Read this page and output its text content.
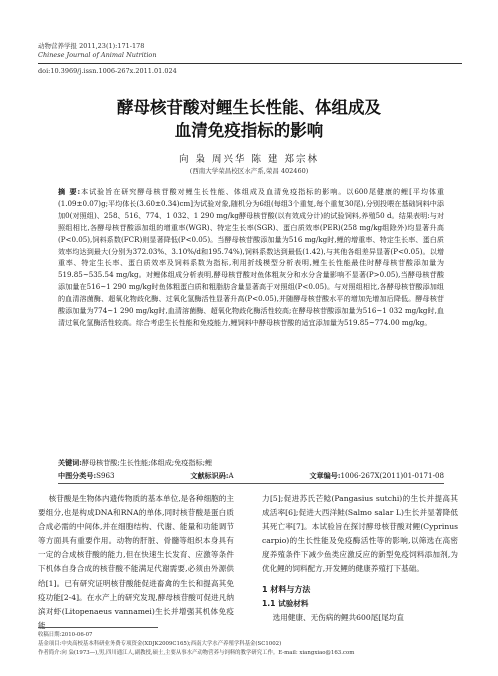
动物营养学报 2011,23(1):171-178
Chinese Journal of Animal Nutrition
doi:10.3969/j.issn.1006-267x.2011.01.024
酵母核苷酸对鲤生长性能、体组成及
血清免疫指标的影响
向 枭 周兴华 陈 建 郑宗林
(西南大学荣昌校区水产系,荣昌 402460)
摘 要:本试验旨在研究酵母核苷酸对鲤生长性能、体组成及血清免疫指标的影响。以600尾健康的鲤[平均体重(1.09±0.07)g;平均体长(3.60±0.34)cm]为试验对象,随机分为6组(每组3个重复,每个重复30尾),分别投喂在基础饲料中添加0(对照组)、258、516、774、1 032、1 290 mg/kg酵母核苷酸(以有效成分计)的试验饲料,养殖50 d。结果表明:与对照组相比,各酵母核苷酸添加组的增重率(WGR)、特定生长率(SGR)、蛋白质效率(PER)(258 mg/kg组除外)均显著升高(P<0.05),饲料系数(FCR)则显著降低(P<0.05)。当酵母核苷酸添加量为516 mg/kg时,鲤的增重率、特定生长率、蛋白质效率均达到最大(分别为372.03%、3.10%/d和195.74%),饲料系数达到最低(1.42),与其他各组差异显著(P<0.05)。以增重率、特定生长率、蛋白质效率及饲料系数为指标,利用折线模型分析表明,鲤生长性能最佳时酵母核苷酸添加量为519.85~535.54 mg/kg。对鲤体组成分析表明,酵母核苷酸对鱼体粗灰分和水分含量影响不显著(P>0.05),当酵母核苷酸添加量在516~1 290 mg/kg时鱼体粗蛋白质和粗脂肪含量显著高于对照组(P<0.05)。与对照组相比,各酵母核苷酸添加组的血清溶菌酶、超氧化物歧化酶、过氧化氢酶活性显著升高(P<0.05),并随酵母核苷酸水平的增加先增加后降低。酵母核苷酸添加量为774~1 290 mg/kg时,血清溶菌酶、超氧化物歧化酶活性较高;在酵母核苷酸添加量为516~1 032 mg/kg时,血清过氧化氢酶活性较高。综合考虑生长性能和免疫能力,鲤饲料中酵母核苷酸的适宜添加量为519.85~774.00 mg/kg。
关键词:酵母核苷酸;生长性能;体组成;免疫指标;鲤
中图分类号:S963	文献标识码:A	文章编号:1006-267X(2011)01-0171-08
核苷酸是生物体内遗传物质的基本单位,是各种细胞的主要组分,也是构成DNA和RNA的单体,同时核苷酸是蛋白质合成必需的中间体,并在细胞结构、代谢、能量和功能调节等方面具有重要作用。动物的肝脏、骨髓等组织本身具有一定的合成核苷酸的能力,但在快速生长发育、应激等条件下机体自身合成的核苷酸不能满足代谢需要,必须由外源供给[1]。已有研究证明核苷酸能促进畜禽的生长和提高其免疫功能[2-4]。在水产上的研究发现,酵母核苷酸可促进凡纳滨对虾(Litopenaeus vannamei)生长并增强其机体免疫能
力[5];促进苏氏芒鲶(Pangasius sutchi)的生长并提高其成活率[6];促进大西洋鲑(Salmo salar L)生长并显著降低其死亡率[7]。本试验旨在探讨酵母核苷酸对鲤(Cyprinus carpio)的生长性能及免疫酶活性等的影响,以筛选在高密度养殖条件下减少鱼类应激反应的新型免疫饲料添加剂,为优化鲤的饲料配方,开发鲤的健康养殖打下基础。
1 材料与方法
1.1 试验材料
选用健康、无伤病的鲤共600尾[尾均直
收稿日期:2010-06-07
基金项目:中央高校基本科研业务费专项资金(XDJK2009C165);西南大学水产养殖学科基金(SC1002)
作者简介:向 枭(1973—),男,四川通江人,副教授,硕士,主要从事水产动物营养与饲料的教学研究工作。E-mail: xiangxiao@163.com
